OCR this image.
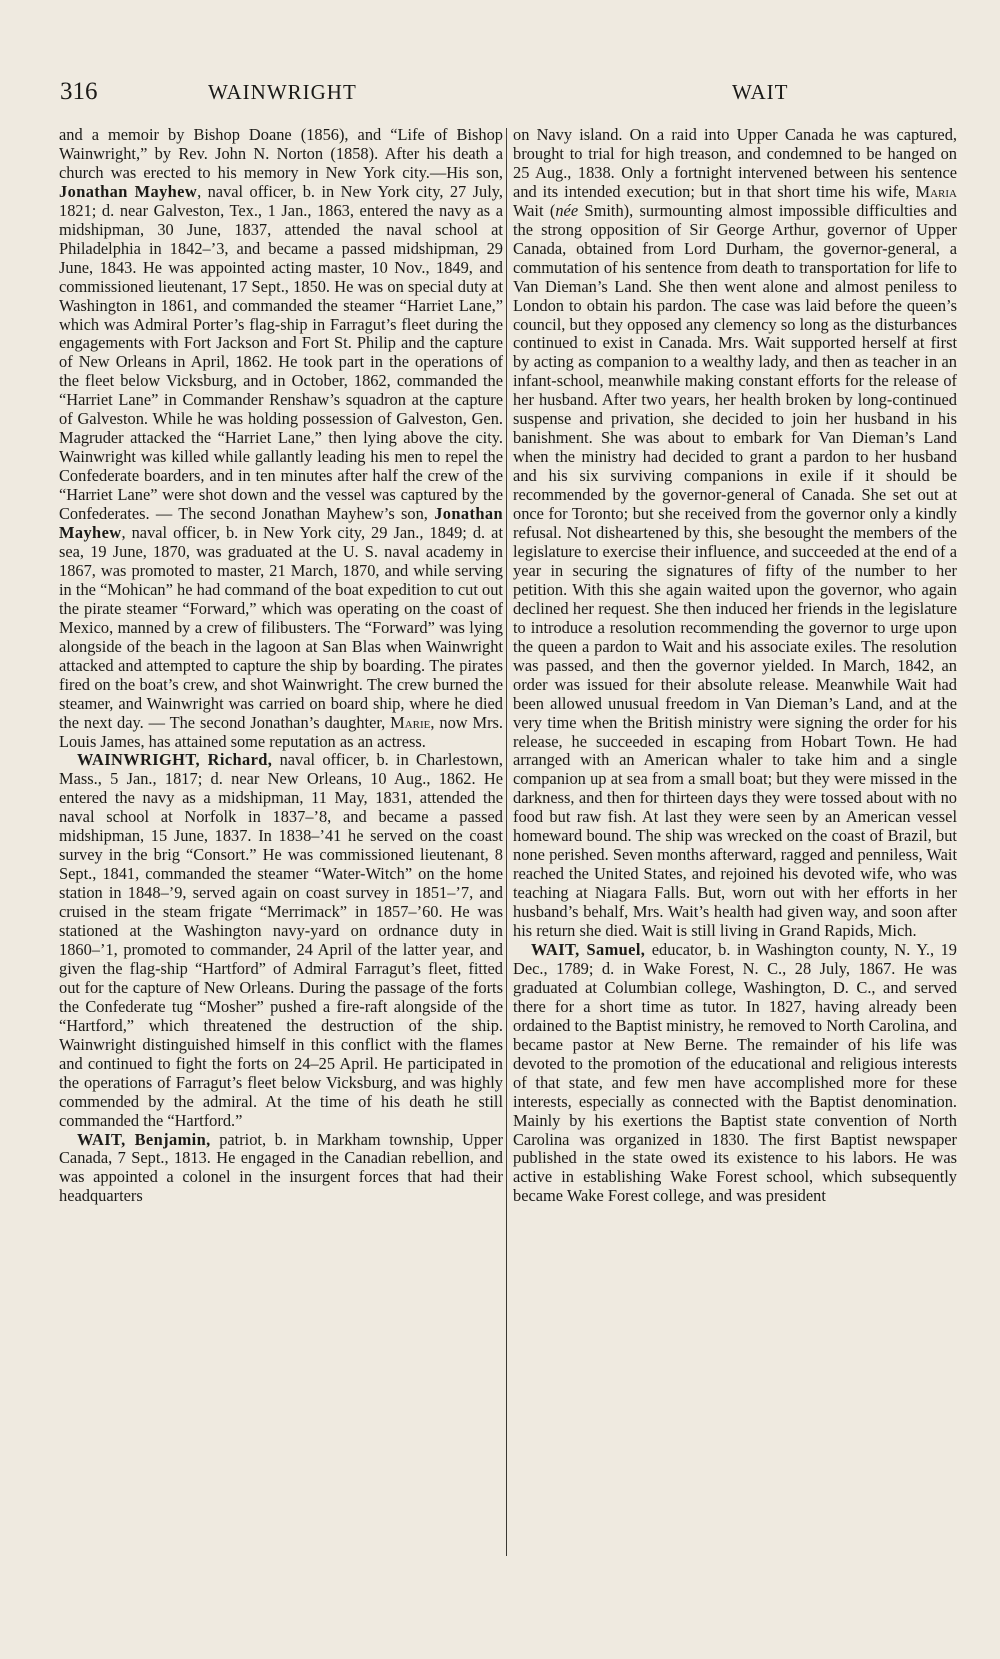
316	WAINWRIGHT	WAIT

and a memoir by Bishop Doane (1856), and “Life of Bishop Wainwright,” by Rev. John N. Norton (1858). After his death a church was erected to his memory in New York city.—His son, Jonathan Mayhew, naval officer, b. in New York city, 27 July, 1821; d. near Galveston, Tex., 1 Jan., 1863, entered the navy as a midshipman, 30 June, 1837, attended the naval school at Philadelphia in 1842–’3, and became a passed midshipman, 29 June, 1843. He was appointed acting master, 10 Nov., 1849, and commissioned lieutenant, 17 Sept., 1850. He was on special duty at Washington in 1861, and commanded the steamer “Harriet Lane,” which was Admiral Porter’s flag-ship in Farragut’s fleet during the engagements with Fort Jackson and Fort St. Philip and the capture of New Orleans in April, 1862. He took part in the operations of the fleet below Vicksburg, and in October, 1862, commanded the “Harriet Lane” in Commander Renshaw’s squadron at the capture of Galveston. While he was holding possession of Galveston, Gen. Magruder attacked the “Harriet Lane,” then lying above the city. Wainwright was killed while gallantly leading his men to repel the Confederate boarders, and in ten minutes after half the crew of the “Harriet Lane” were shot down and the vessel was captured by the Confederates. — The second Jonathan Mayhew’s son, Jonathan Mayhew, naval officer, b. in New York city, 29 Jan., 1849; d. at sea, 19 June, 1870, was graduated at the U. S. naval academy in 1867, was promoted to master, 21 March, 1870, and while serving in the “Mohican” he had command of the boat expedition to cut out the pirate steamer “Forward,” which was operating on the coast of Mexico, manned by a crew of filibusters. The “Forward” was lying alongside of the beach in the lagoon at San Blas when Wainwright attacked and attempted to capture the ship by boarding. The pirates fired on the boat’s crew, and shot Wainwright. The crew burned the steamer, and Wainwright was carried on board ship, where he died the next day. — The second Jonathan’s daughter, Marie, now Mrs. Louis James, has attained some reputation as an actress.

WAINWRIGHT, Richard, naval officer, b. in Charlestown, Mass., 5 Jan., 1817; d. near New Orleans, 10 Aug., 1862. He entered the navy as a midshipman, 11 May, 1831, attended the naval school at Norfolk in 1837–’8, and became a passed midshipman, 15 June, 1837. In 1838–’41 he served on the coast survey in the brig “Consort.” He was commissioned lieutenant, 8 Sept., 1841, commanded the steamer “Water-Witch” on the home station in 1848–’9, served again on coast survey in 1851–’7, and cruised in the steam frigate “Merrimack” in 1857–’60. He was stationed at the Washington navy-yard on ordnance duty in 1860–’1, promoted to commander, 24 April of the latter year, and given the flag-ship “Hartford” of Admiral Farragut’s fleet, fitted out for the capture of New Orleans. During the passage of the forts the Confederate tug “Mosher” pushed a fire-raft alongside of the “Hartford,” which threatened the destruction of the ship. Wainwright distinguished himself in this conflict with the flames and continued to fight the forts on 24–25 April. He participated in the operations of Farragut’s fleet below Vicksburg, and was highly commended by the admiral. At the time of his death he still commanded the “Hartford.”

WAIT, Benjamin, patriot, b. in Markham township, Upper Canada, 7 Sept., 1813. He engaged in the Canadian rebellion, and was appointed a colonel in the insurgent forces that had their headquarters

on Navy island. On a raid into Upper Canada he was captured, brought to trial for high treason, and condemned to be hanged on 25 Aug., 1838. Only a fortnight intervened between his sentence and its intended execution; but in that short time his wife, Maria Wait (née Smith), surmounting almost impossible difficulties and the strong opposition of Sir George Arthur, governor of Upper Canada, obtained from Lord Durham, the governor-general, a commutation of his sentence from death to transportation for life to Van Dieman’s Land. She then went alone and almost peniless to London to obtain his pardon. The case was laid before the queen’s council, but they opposed any clemency so long as the disturbances continued to exist in Canada. Mrs. Wait supported herself at first by acting as companion to a wealthy lady, and then as teacher in an infant-school, meanwhile making constant efforts for the release of her husband. After two years, her health broken by long-continued suspense and privation, she decided to join her husband in his banishment. She was about to embark for Van Dieman’s Land when the ministry had decided to grant a pardon to her husband and his six surviving companions in exile if it should be recommended by the governor-general of Canada. She set out at once for Toronto; but she received from the governor only a kindly refusal. Not disheartened by this, she besought the members of the legislature to exercise their influence, and succeeded at the end of a year in securing the signatures of fifty of the number to her petition. With this she again waited upon the governor, who again declined her request. She then induced her friends in the legislature to introduce a resolution recommending the governor to urge upon the queen a pardon to Wait and his associate exiles. The resolution was passed, and then the governor yielded. In March, 1842, an order was issued for their absolute release. Meanwhile Wait had been allowed unusual freedom in Van Dieman’s Land, and at the very time when the British ministry were signing the order for his release, he succeeded in escaping from Hobart Town. He had arranged with an American whaler to take him and a single companion up at sea from a small boat; but they were missed in the darkness, and then for thirteen days they were tossed about with no food but raw fish. At last they were seen by an American vessel homeward bound. The ship was wrecked on the coast of Brazil, but none perished. Seven months afterward, ragged and penniless, Wait reached the United States, and rejoined his devoted wife, who was teaching at Niagara Falls. But, worn out with her efforts in her husband’s behalf, Mrs. Wait’s health had given way, and soon after his return she died. Wait is still living in Grand Rapids, Mich.

WAIT, Samuel, educator, b. in Washington county, N. Y., 19 Dec., 1789; d. in Wake Forest, N. C., 28 July, 1867. He was graduated at Columbian college, Washington, D. C., and served there for a short time as tutor. In 1827, having already been ordained to the Baptist ministry, he removed to North Carolina, and became pastor at New Berne. The remainder of his life was devoted to the promotion of the educational and religious interests of that state, and few men have accomplished more for these interests, especially as connected with the Baptist denomination. Mainly by his exertions the Baptist state convention of North Carolina was organized in 1830. The first Baptist newspaper published in the state owed its existence to his labors. He was active in establishing Wake Forest school, which subsequently became Wake Forest college, and was president
